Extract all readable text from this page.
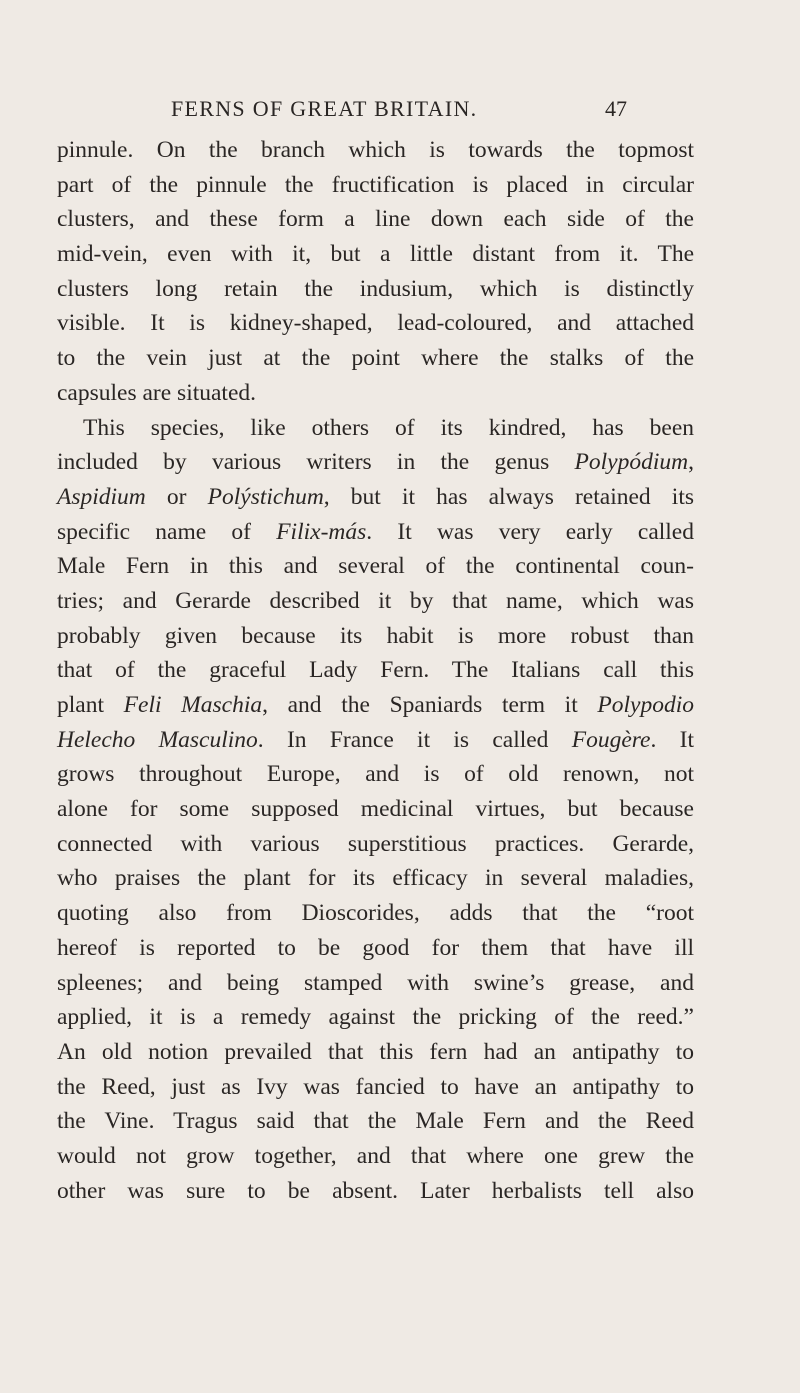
FERNS OF GREAT BRITAIN.	47
pinnule. On the branch which is towards the topmost
part of the pinnule the fructification is placed in circular
clusters, and these form a line down each side of the
mid-vein, even with it, but a little distant from it. The
clusters long retain the indusium, which is distinctly
visible. It is kidney-shaped, lead-coloured, and attached
to the vein just at the point where the stalks of the
capsules are situated.
This species, like others of its kindred, has been
included by various writers in the genus Polypódium,
Aspidium or Polýstichum, but it has always retained its
specific name of Filix-más. It was very early called
Male Fern in this and several of the continental coun-
tries; and Gerarde described it by that name, which was
probably given because its habit is more robust than
that of the graceful Lady Fern. The Italians call this
plant Feli Maschia, and the Spaniards term it Polypodio
Helecho Masculino. In France it is called Fougère. It
grows throughout Europe, and is of old renown, not
alone for some supposed medicinal virtues, but because
connected with various superstitious practices. Gerarde,
who praises the plant for its efficacy in several maladies,
quoting also from Dioscorides, adds that the “root
hereof is reported to be good for them that have ill
spleenes; and being stamped with swine’s grease, and
applied, it is a remedy against the pricking of the reed.”
An old notion prevailed that this fern had an antipathy to
the Reed, just as Ivy was fancied to have an antipathy to
the Vine. Tragus said that the Male Fern and the Reed
would not grow together, and that where one grew the
other was sure to be absent. Later herbalists tell also
